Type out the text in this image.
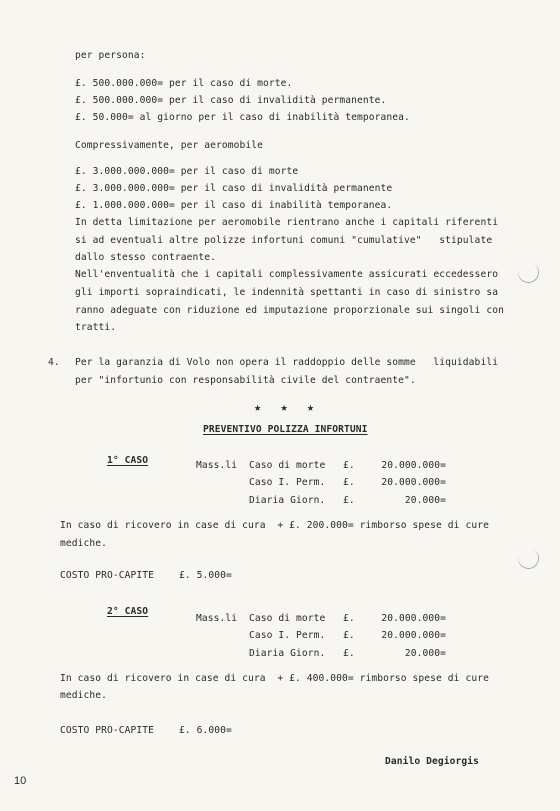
per persona:
£. 500.000.000= per il caso di morte.
£. 500.000.000= per il caso di invalidità permanente.
£. 50.000= al giorno per il caso di inabilità temporanea.
Compressivamente, per aeromobile
£. 3.000.000.000= per il caso di morte
£. 3.000.000.000= per il caso di invalidità permanente
£. 1.000.000.000= per il caso di inabilità temporanea.
In detta limitazione per aeromobile rientrano anche i capitali riferenti
si ad eventuali altre polizze infortuni comuni "cumulative"   stipulate
dallo stesso contraente.
Nell'enventualità che i capitali complessivamente assicurati eccedessero
gli importi sopraindicati, le indennità spettanti in caso di sinistro sa
ranno adeguate con riduzione ed imputazione proporzionale sui singoli con
tratti.
4. Per la garanzia di Volo non opera il raddoppio delle somme   liquidabili
per "infortunio con responsabilità civile del contraente".
★ ★ ★
PREVENTIVO POLIZZA INFORTUNI
1° CASO	Mass.li Caso di morte £.	20.000.000=
Caso I. Perm. £.	20.000.000=
Diaria Giorn. £.	20.000=
In caso di ricovero in case di cura  + £. 200.000= rimborso spese di cure
mediche.
COSTO PRO-CAPITE	£. 5.000=
2° CASO
Mass.li Caso di morte £.	20.000.000=
Caso I. Perm. £.	20.000.000=
Diaria Giorn. £.	20.000=
In caso di ricovero in case di cura  + £. 400.000= rimborso spese di cure
mediche.
COSTO PRO-CAPITE	£. 6.000=
Danilo Degiorgis
10
